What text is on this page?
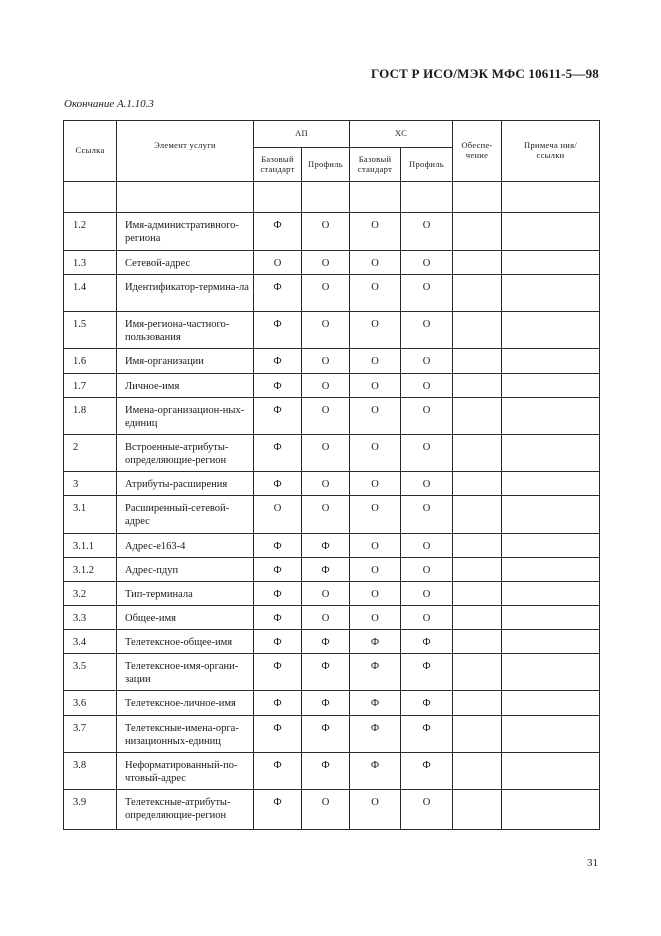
ГОСТ Р ИСО/МЭК МФС 10611-5—98
Окончание А.1.10.3
Ссылка	Элемент услуги	АП		ХС		Обеспе- чение	Примеча ния/ссылки
		Базовый стандарт	Профиль	Базовый стандарт	Профиль		

1.2	Имя-административного-региона	Ф	О	О	О		
1.3	Сетевой-адрес	О	О	О	О		
1.4	Идентификатор-термина-ла	Ф	О	О	О		
1.5	Имя-региона-частного-пользования	Ф	О	О	О		
1.6	Имя-организации	Ф	О	О	О		
1.7	Личное-имя	Ф	О	О	О		
1.8	Имена-организацион-ных-единиц	Ф	О	О	О		
2	Встроенные-атрибуты-определяющие-регион	Ф	О	О	О		
3	Атрибуты-расширения	Ф	О	О	О		
3.1	Расширенный-сетевой-адрес	О	О	О	О		
3.1.1	Адрес-е163-4	Ф	Ф	О	О		
3.1.2	Адрес-пдуп	Ф	Ф	О	О		
3.2	Тип-терминала	Ф	О	О	О		
3.3	Общее-имя	Ф	О	О	О		
3.4	Телетексное-общее-имя	Ф	Ф	Ф	Ф		
3.5	Телетексное-имя-органи-зации	Ф	Ф	Ф	Ф		
3.6	Телетексное-личное-имя	Ф	Ф	Ф	Ф		
3.7	Телетексные-имена-орга-низационных-единиц	Ф	Ф	Ф	Ф		
3.8	Неформатированный-по-чтовый-адрес	Ф	Ф	Ф	Ф		
3.9	Телетексные-атрибуты-определяющие-регион	Ф	О	О	О		
31
